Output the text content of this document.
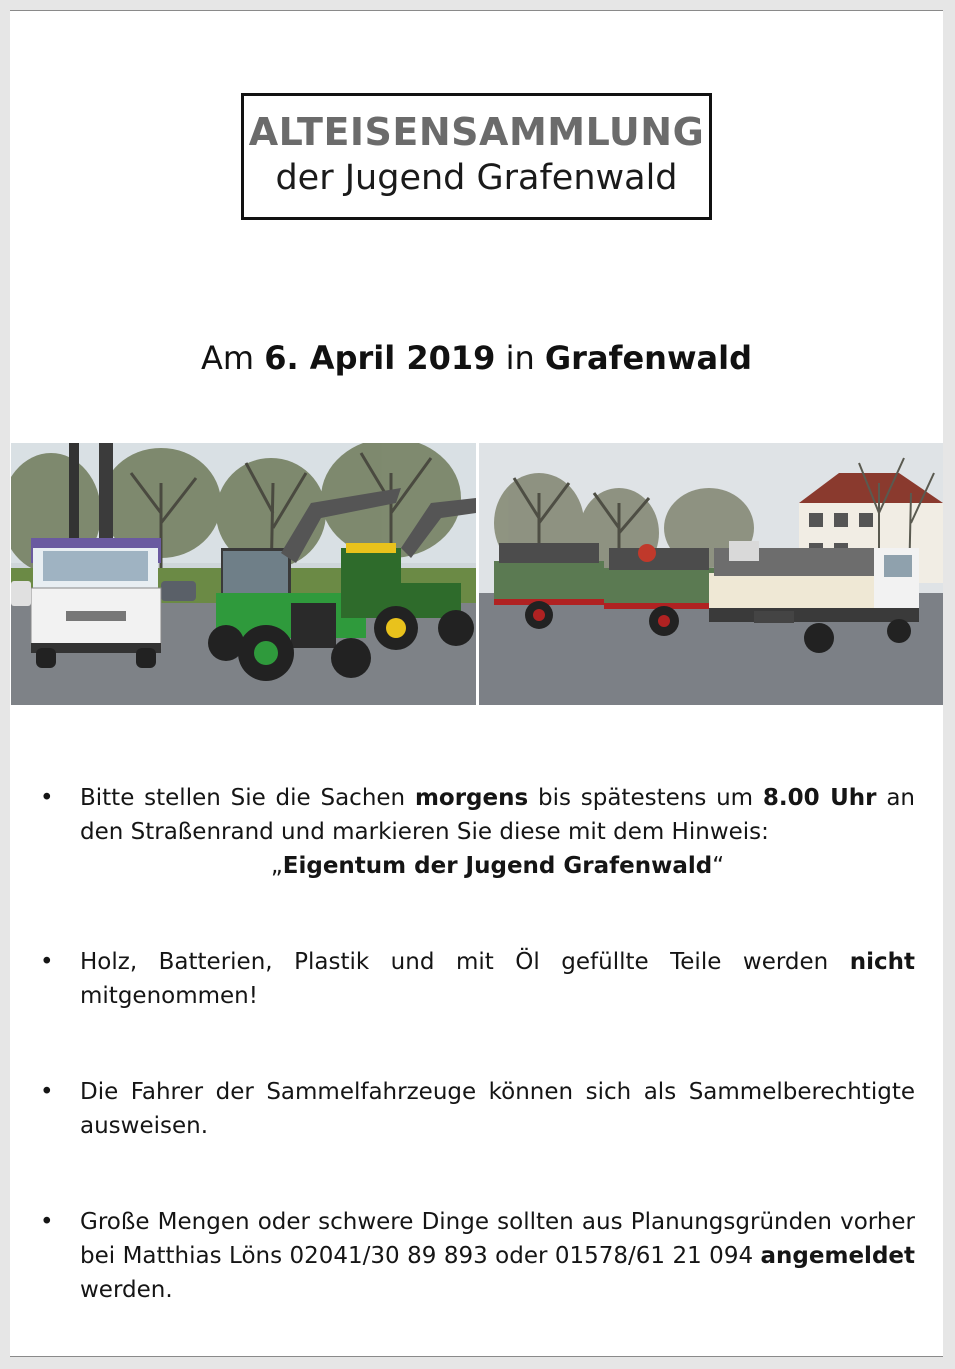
ALTEISENSAMMLUNG
der Jugend Grafenwald
Am 6. April 2019 in Grafenwald
• Bitte stellen Sie die Sachen morgens bis spätestens um 8.00 Uhr an den Straßenrand und markieren Sie diese mit dem Hinweis:
„Eigentum der Jugend Grafenwald“
• Holz, Batterien, Plastik und mit Öl gefüllte Teile werden nicht mitgenommen!
• Die Fahrer der Sammelfahrzeuge können sich als Sammelberechtigte ausweisen.
• Große Mengen oder schwere Dinge sollten aus Planungsgründen vorher bei Matthias Löns 02041/30 89 893 oder 01578/61 21 094 angemeldet werden.
